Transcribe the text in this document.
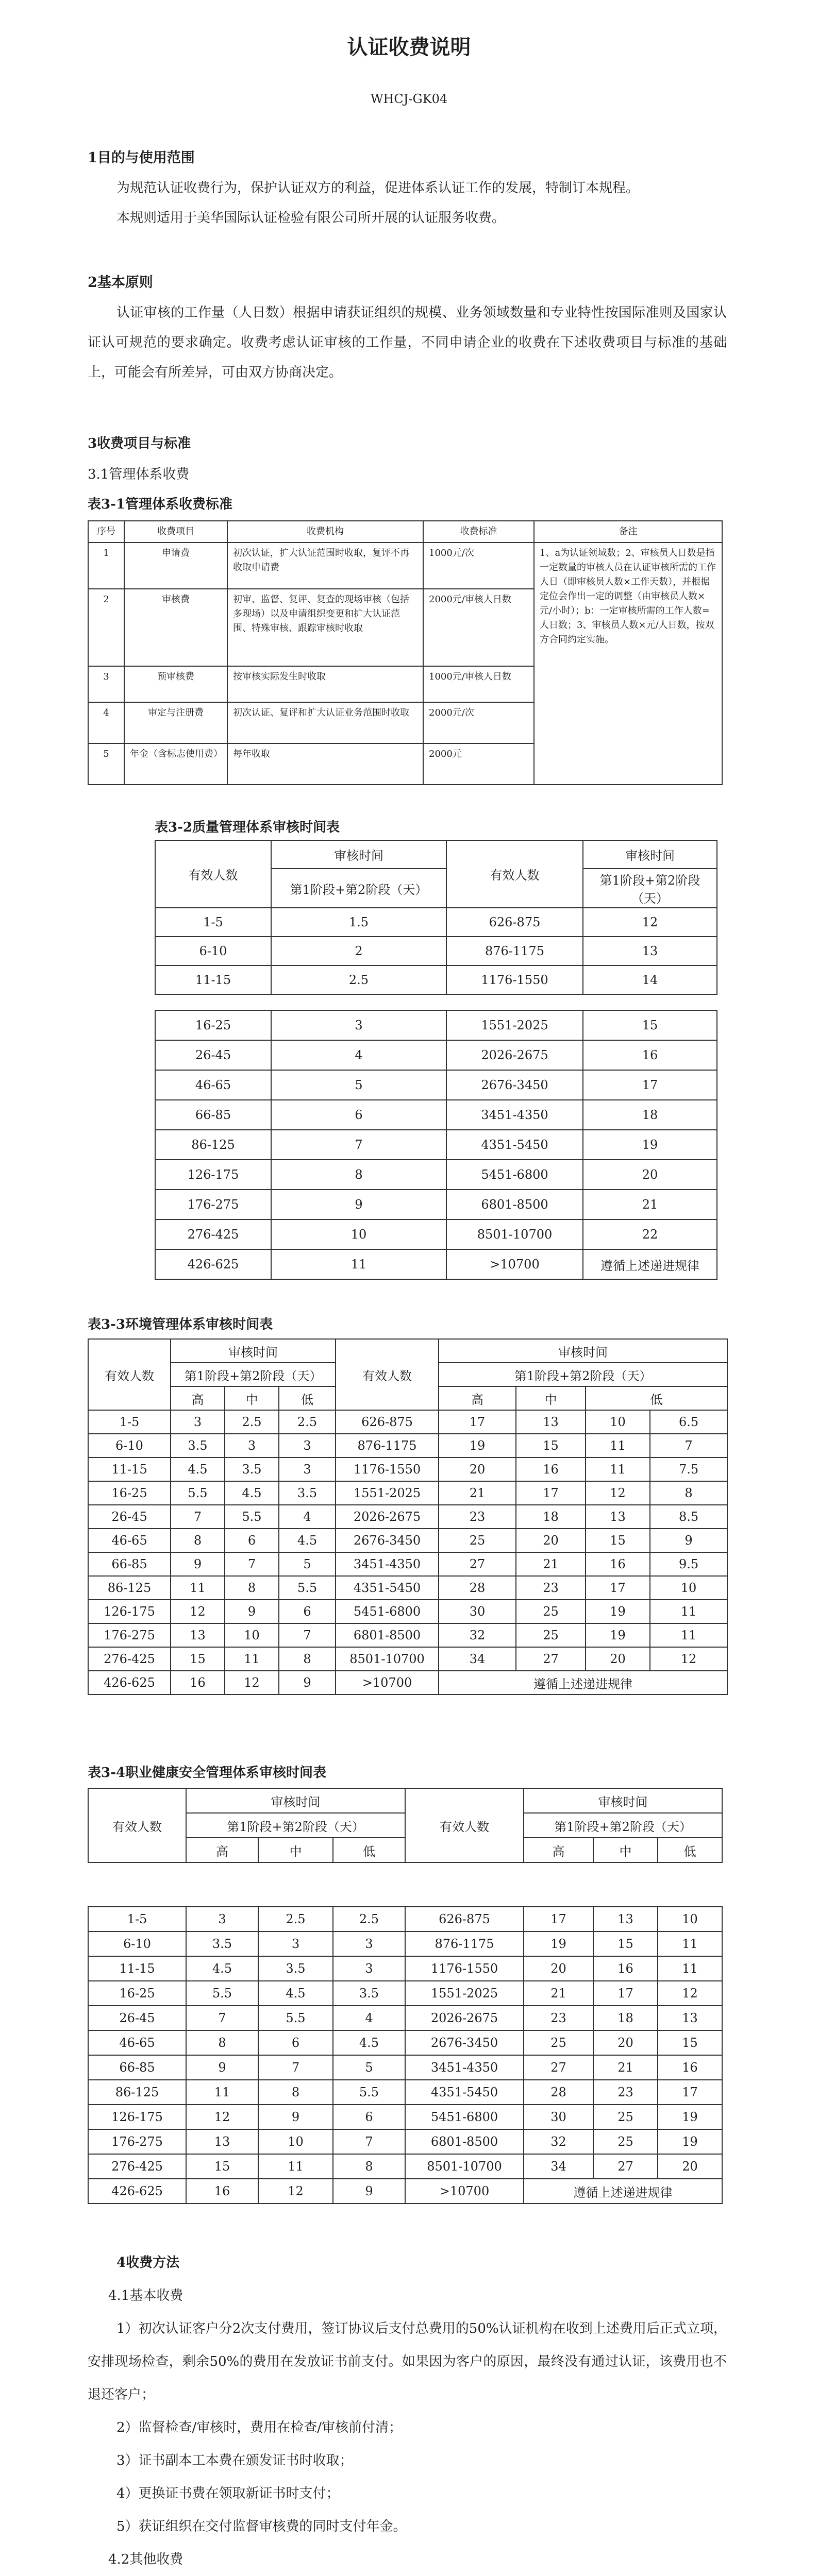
认证收费说明
WHCJ-GK04
1目的与使用范围

为规范认证收费行为，保护认证双方的利益，促进体系认证工作的发展，特制订本规程。

本规则适用于美华国际认证检验有限公司所开展的认证服务收费。

2基本原则

认证审核的工作量（人日数）根据申请获证组织的规模、业务领域数量和专业特性按国际准则及国家认证认可规范的要求确定。收费考虑认证审核的工作量，不同申请企业的收费在下述收费项目与标准的基础上，可能会有所差异，可由双方协商决定。

3收费项目与标准
3.1管理体系收费
表3-1管理体系收费标准
序号	收费项目	收费机构	收费标准	备注
1	申请费	初次认证，扩大认证范围时收取，复评不再收取申请费	1000元/次	1、a为认证领域数；2、审核员人日数是指一定数量的审核人员在认证审核所需的工作人日（即审核员人数×工作天数），并根据定位会作出一定的调整（由审核员人数×元/小时）；b：一定审核所需的工作人数=人日数；3、审核员人数×元/人日数，按双方合同约定实施。
2	审核费	初审、监督、复评、复查的现场审核（包括多现场）以及申请组织变更和扩大认证范围、特殊审核、跟踪审核时收取	2000元/审核人日数	
3	预审核费	按审核实际发生时收取	1000元/审核人日数	
4	审定与注册费	初次认证、复评和扩大认证业务范围时收取	2000元/次	
5	年金（含标志使用费）	每年收取	2000元	
表3-2质量管理体系审核时间表
有效人数	审核时间	有效人数	审核时间
	第1阶段+第2阶段（天）		第1阶段+第2阶段（天）
1-5	1.5	626-875	12
6-10	2	876-1175	13
11-15	2.5	1176-1550	14
16-25	3	1551-2025	15
26-45	4	2026-2675	16
46-65	5	2676-3450	17
66-85	6	3451-4350	18
86-125	7	4351-5450	19
126-175	8	5451-6800	20
176-275	9	6801-8500	21
276-425	10	8501-10700	22
426-625	11	>10700	遵循上述递进规律
表3-3环境管理体系审核时间表
有效人数	审核时间			有效人数	审核时间			
	第1阶段+第2阶段（天）				第1阶段+第2阶段（天）			
	高	中	低		高	中	低	
1-5	3	2.5	2.5	626-875	17	13	10	6.5
6-10	3.5	3	3	876-1175	19	15	11	7
11-15	4.5	3.5	3	1176-1550	20	16	11	7.5
16-25	5.5	4.5	3.5	1551-2025	21	17	12	8
26-45	7	5.5	4	2026-2675	23	18	13	8.5
46-65	8	6	4.5	2676-3450	25	20	15	9
66-85	9	7	5	3451-4350	27	21	16	9.5
86-125	11	8	5.5	4351-5450	28	23	17	10
126-175	12	9	6	5451-6800	30	25	19	11
176-275	13	10	7	6801-8500	32	25	19	11
276-425	15	11	8	8501-10700	34	27	20	12
426-625	16	12	9	>10700	遵循上述递进规律			
表3-4职业健康安全管理体系审核时间表
有效人数	审核时间			有效人数	审核时间		
	第1阶段+第2阶段（天）				第1阶段+第2阶段（天）		
	高	中	低		高	中	低
1-5	3	2.5	2.5	626-875	17	13	10
6-10	3.5	3	3	876-1175	19	15	11
11-15	4.5	3.5	3	1176-1550	20	16	11
16-25	5.5	4.5	3.5	1551-2025	21	17	12
26-45	7	5.5	4	2026-2675	23	18	13
46-65	8	6	4.5	2676-3450	25	20	15
66-85	9	7	5	3451-4350	27	21	16
86-125	11	8	5.5	4351-5450	28	23	17
126-175	12	9	6	5451-6800	30	25	19
176-275	13	10	7	6801-8500	32	25	19
276-425	15	11	8	8501-10700	34	27	20
426-625	16	12	9	>10700	遵循上述递进规律		

4收费方法

4.1基本收费

1）初次认证客户分2次支付费用，签订协议后支付总费用的50%认证机构在收到上述费用后正式立项，安排现场检查，剩余50%的费用在发放证书前支付。如果因为客户的原因，最终没有通过认证，该费用也不退还客户；

2）监督检查/审核时，费用在检查/审核前付清；

3）证书副本工本费在颁发证书时收取；

4）更换证书费在领取新证书时支付；

5）获证组织在交付监督审核费的同时支付年金。

4.2其他收费
